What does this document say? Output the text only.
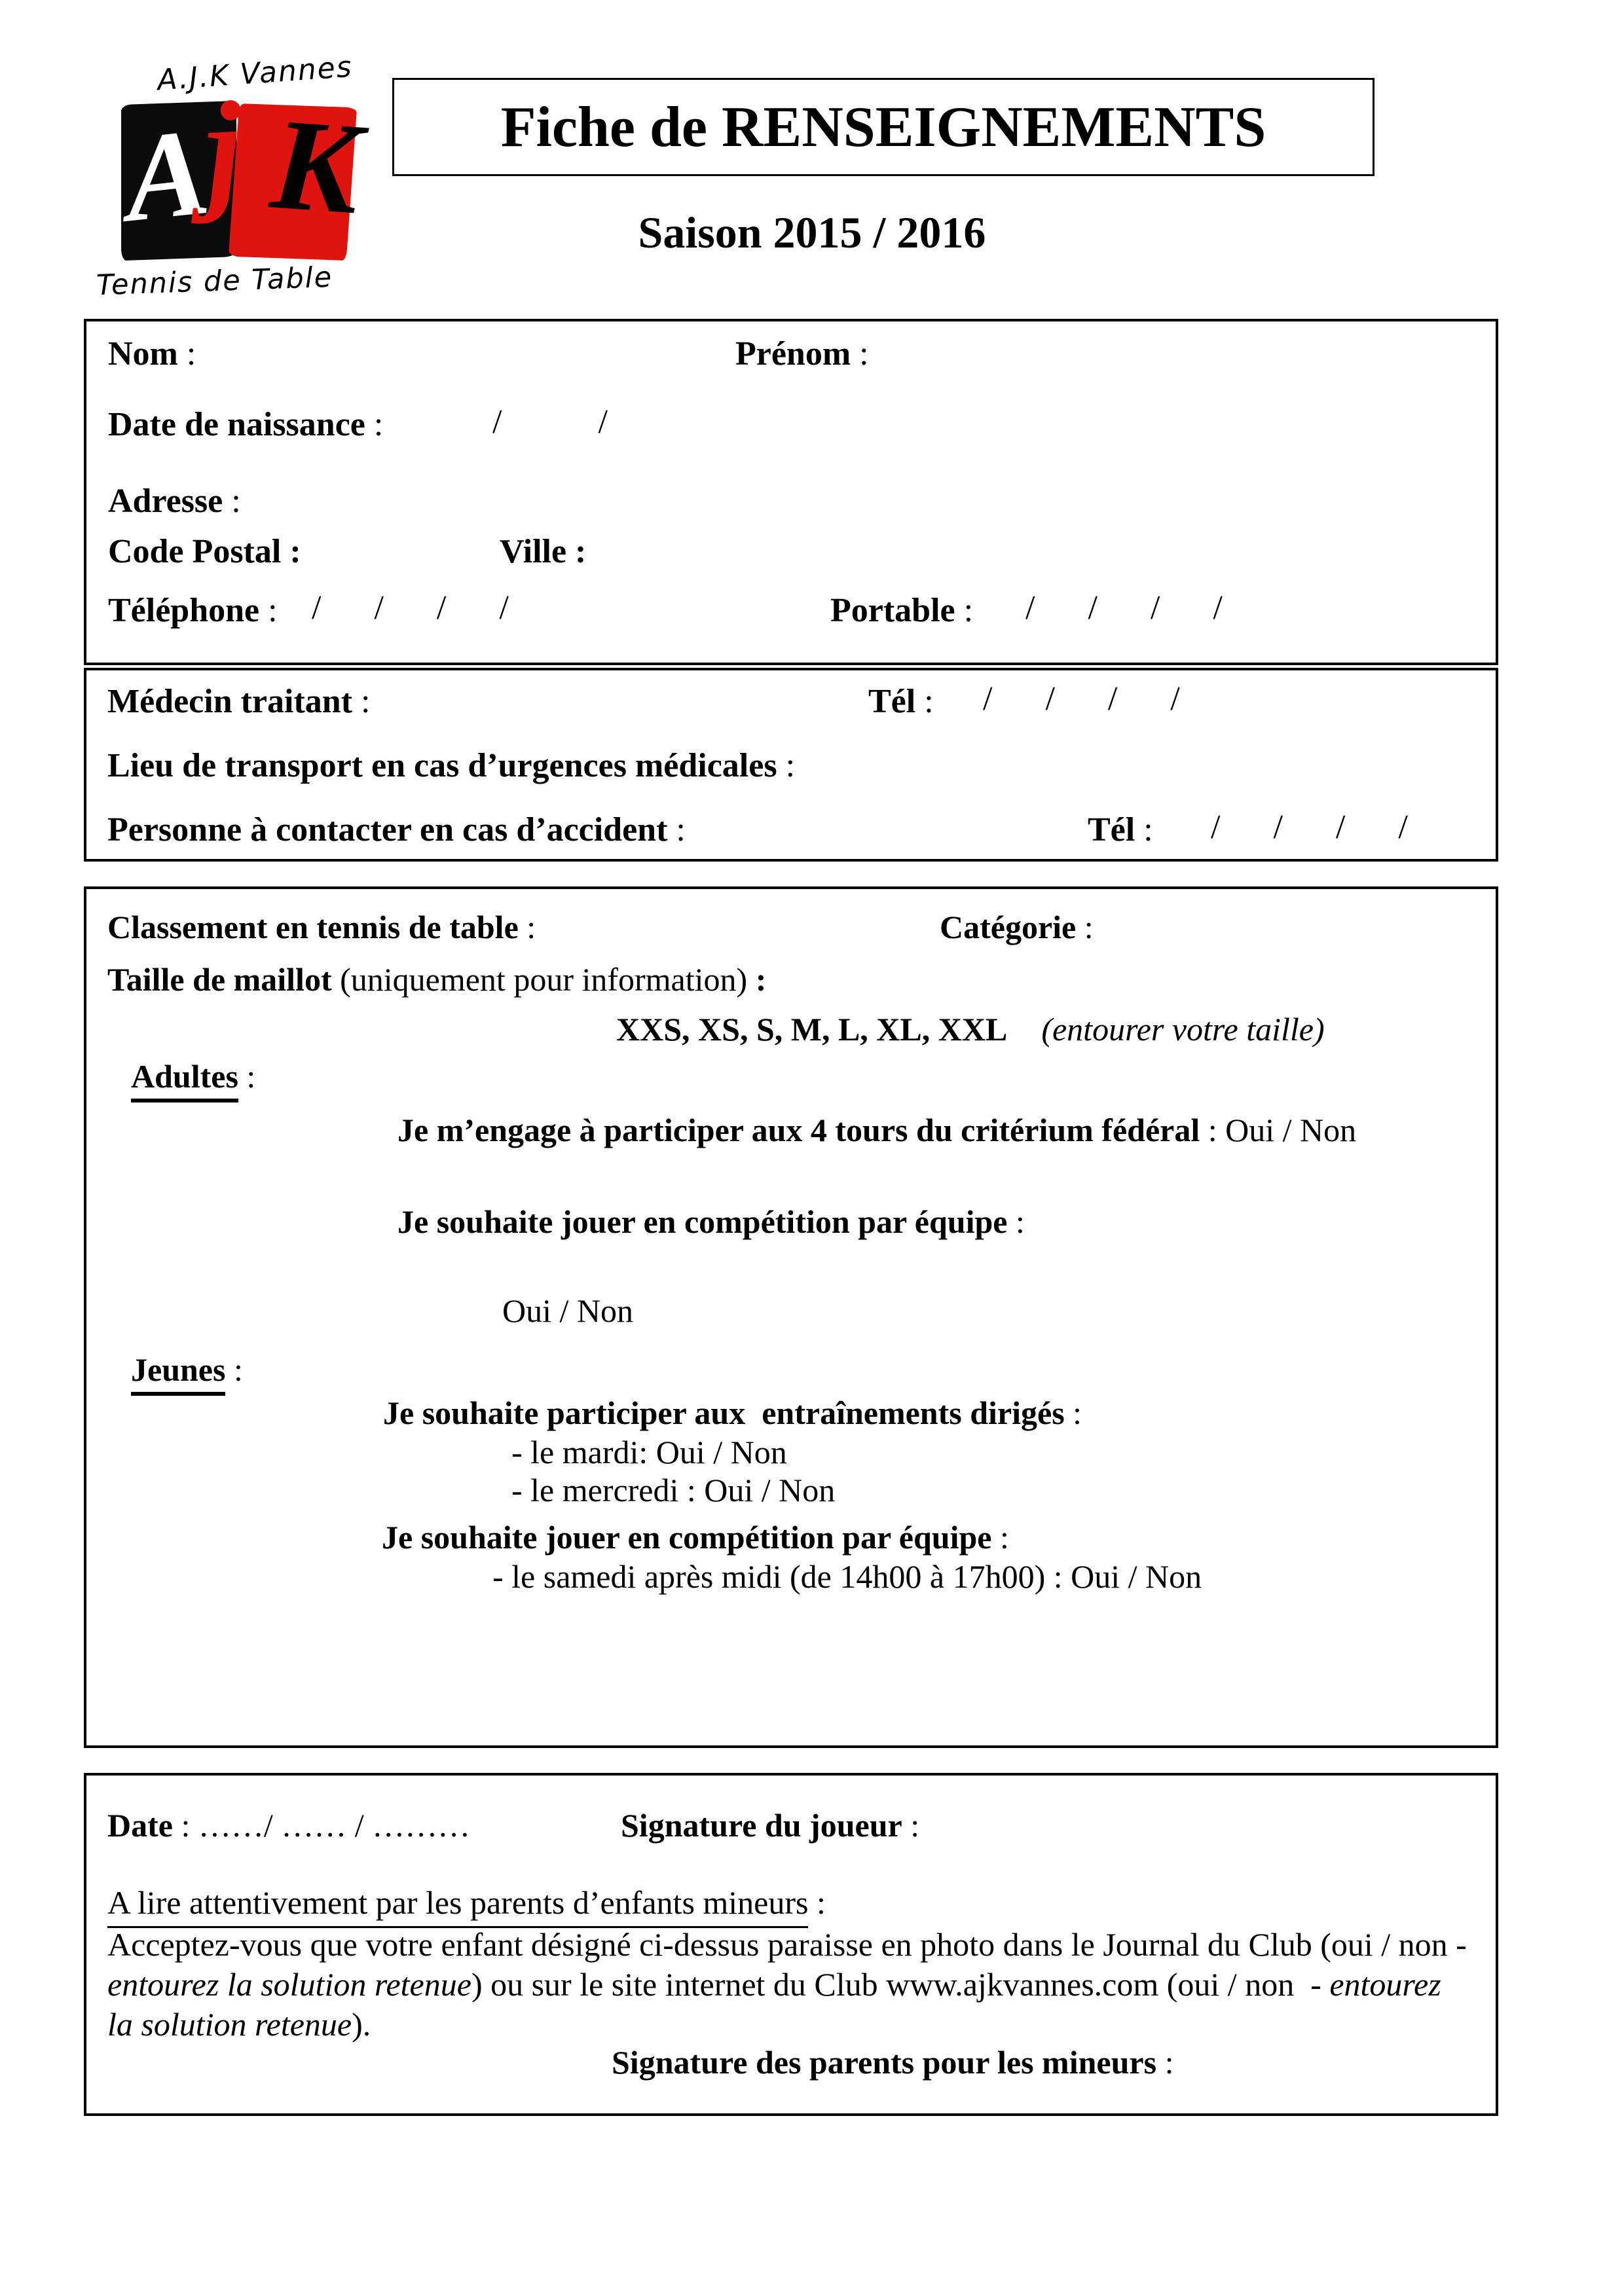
A.J.K Vannes
A
j K
Tennis de Table
Fiche de RENSEIGNEMENTS
Saison 2015 / 2016
Nom :	Prénom :
Date de naissance :	/ /
Adresse :
Code Postal :	Ville :
Téléphone : / / / /	Portable : / / / /
Médecin traitant :	Tél : / / / /
Lieu de transport en cas d’urgences médicales :
Personne à contacter en cas d’accident :	Tél : / / / /
Classement en tennis de table :	Catégorie :
Taille de maillot (uniquement pour information) :
XXS, XS, S, M, L, XL, XXL (entourer votre taille)
Adultes :
Je m’engage à participer aux 4 tours du critérium fédéral : Oui / Non
Je souhaite jouer en compétition par équipe :
Oui / Non
Jeunes :
Je souhaite participer aux  entraînements dirigés :
- le mardi: Oui / Non
- le mercredi : Oui / Non
Je souhaite jouer en compétition par équipe :
- le samedi après midi (de 14h00 à 17h00) : Oui / Non
Date : ……/ …… / ………	Signature du joueur :
A lire attentivement par les parents d’enfants mineurs :
Acceptez-vous que votre enfant désigné ci-dessus paraisse en photo dans le Journal du Club (oui / non -
entourez la solution retenue) ou sur le site internet du Club www.ajkvannes.com (oui / non  - entourez
la solution retenue).
Signature des parents pour les mineurs :
